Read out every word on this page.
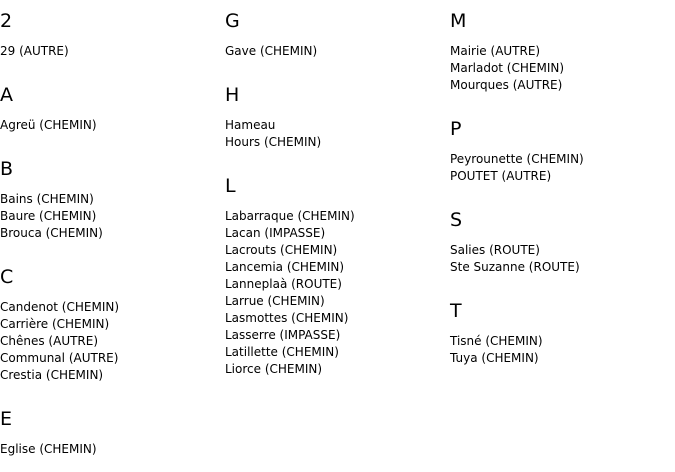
2
29 (AUTRE)
A
Agreü (CHEMIN)
B
Bains (CHEMIN)
Baure (CHEMIN)
Brouca (CHEMIN)
C
Candenot (CHEMIN)
Carrière (CHEMIN)
Chênes (AUTRE)
Communal (AUTRE)
Crestia (CHEMIN)
E
Eglise (CHEMIN)
G
Gave (CHEMIN)
H
Hameau
Hours (CHEMIN)
L
Labarraque (CHEMIN)
Lacan (IMPASSE)
Lacrouts (CHEMIN)
Lancemia (CHEMIN)
Lanneplaà (ROUTE)
Larrue (CHEMIN)
Lasmottes (CHEMIN)
Lasserre (IMPASSE)
Latillette (CHEMIN)
Liorce (CHEMIN)
M
Mairie (AUTRE)
Marladot (CHEMIN)
Mourques (AUTRE)
P
Peyrounette (CHEMIN)
POUTET (AUTRE)
S
Salies (ROUTE)
Ste Suzanne (ROUTE)
T
Tisné (CHEMIN)
Tuya (CHEMIN)
